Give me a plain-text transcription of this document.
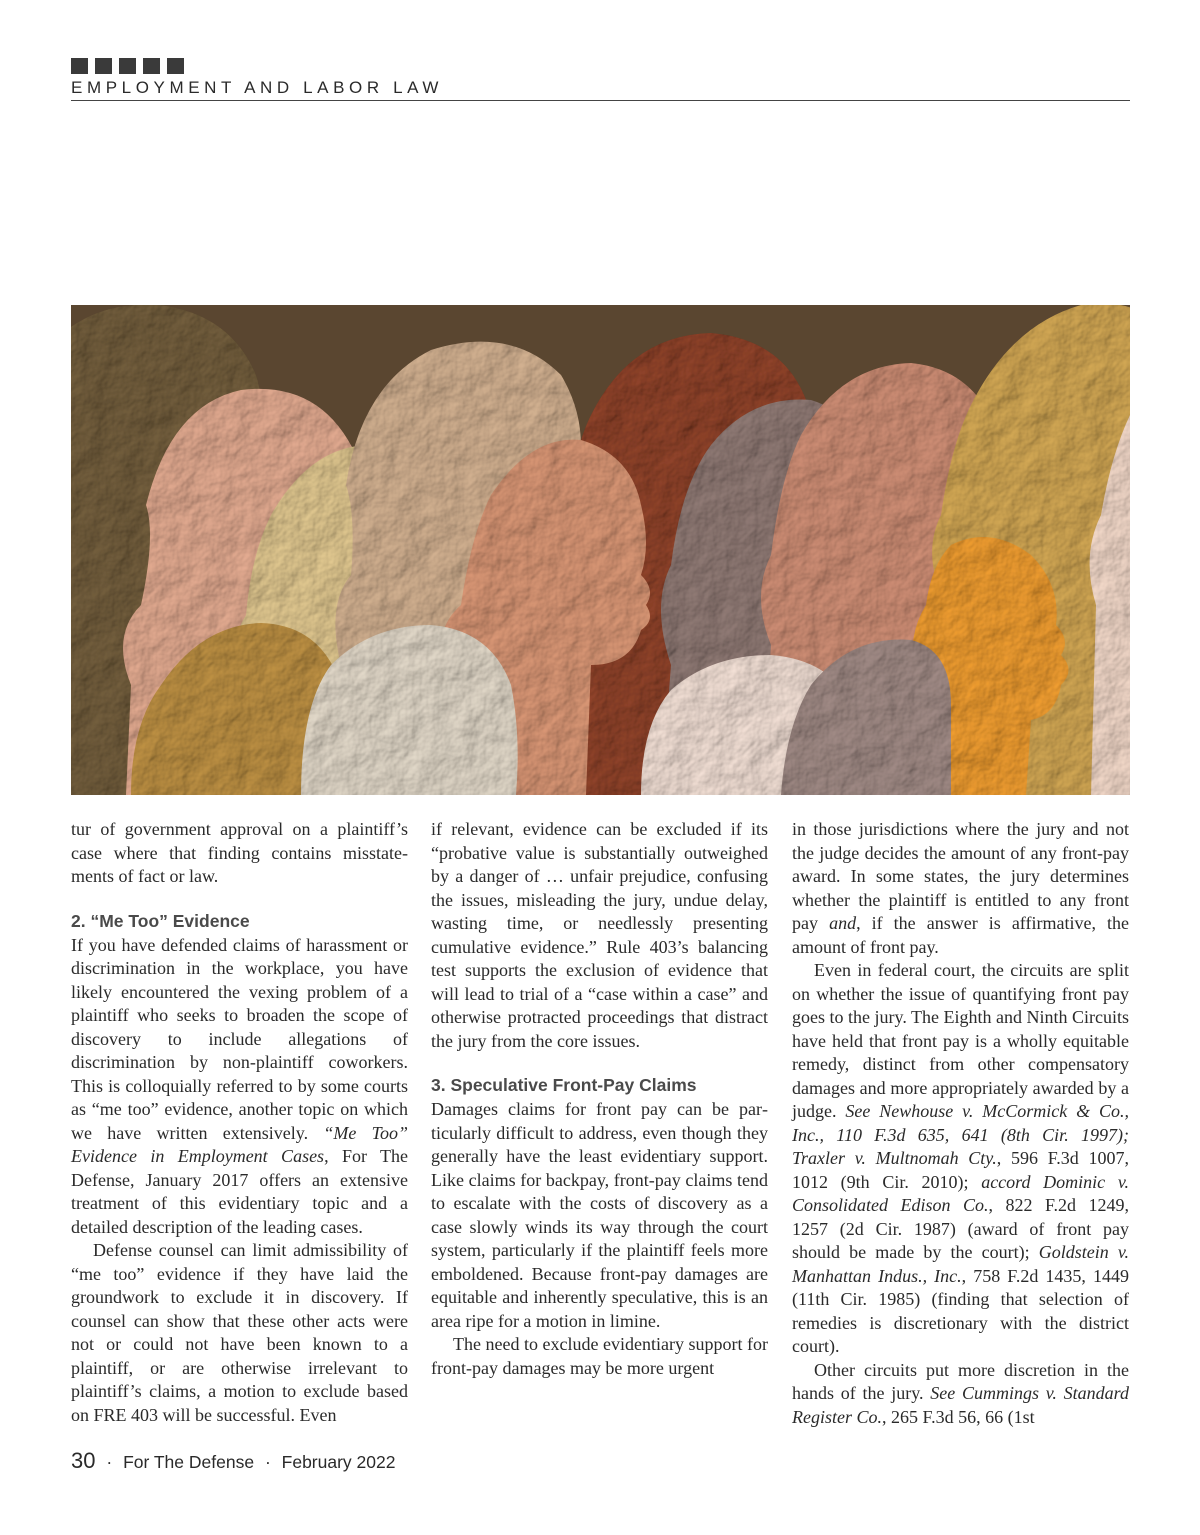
EMPLOYMENT AND LABOR LAW

tur of government approval on a plaintiff’s case where that finding contains misstatements of fact or law.

2. “Me Too” Evidence

If you have defended claims of harassment or discrimination in the workplace, you have likely encountered the vexing problem of a plaintiff who seeks to broaden the scope of discovery to include allegations of discrimination by non-plaintiff coworkers. This is colloquially referred to by some courts as “me too” evidence, another topic on which we have written extensively. “Me Too” Evidence in Employment Cases, For The Defense, January 2017 offers an extensive treatment of this evidentiary topic and a detailed description of the leading cases.

Defense counsel can limit admissibility of “me too” evidence if they have laid the groundwork to exclude it in discovery. If counsel can show that these other acts were not or could not have been known to a plaintiff, or are otherwise irrelevant to plaintiff’s claims, a motion to exclude based on FRE 403 will be successful. Even

if relevant, evidence can be excluded if its “probative value is substantially outweighed by a danger of … unfair prejudice, confusing the issues, misleading the jury, undue delay, wasting time, or needlessly presenting cumulative evidence.” Rule 403’s balancing test supports the exclusion of evidence that will lead to trial of a “case within a case” and otherwise protracted proceedings that distract the jury from the core issues.

3. Speculative Front-Pay Claims

Damages claims for front pay can be particularly difficult to address, even though they generally have the least evidentiary support. Like claims for backpay, front-pay claims tend to escalate with the costs of discovery as a case slowly winds its way through the court system, particularly if the plaintiff feels more emboldened. Because front-pay damages are equitable and inherently speculative, this is an area ripe for a motion in limine.

The need to exclude evidentiary support for front-pay damages may be more urgent

in those jurisdictions where the jury and not the judge decides the amount of any front-pay award. In some states, the jury determines whether the plaintiff is entitled to any front pay and, if the answer is affirmative, the amount of front pay.

Even in federal court, the circuits are split on whether the issue of quantifying front pay goes to the jury. The Eighth and Ninth Circuits have held that front pay is a wholly equitable remedy, distinct from other compensatory damages and more appropriately awarded by a judge. See Newhouse v. McCormick & Co., Inc., 110 F.3d 635, 641 (8th Cir. 1997); Traxler v. Multnomah Cty., 596 F.3d 1007, 1012 (9th Cir. 2010); accord Dominic v. Consolidated Edison Co., 822 F.2d 1249, 1257 (2d Cir. 1987) (award of front pay should be made by the court); Goldstein v. Manhattan Indus., Inc., 758 F.2d 1435, 1449 (11th Cir. 1985) (finding that selection of remedies is discretionary with the district court).

Other circuits put more discretion in the hands of the jury. See Cummings v. Standard Register Co., 265 F.3d 56, 66 (1st

30 · For The Defense · February 2022
